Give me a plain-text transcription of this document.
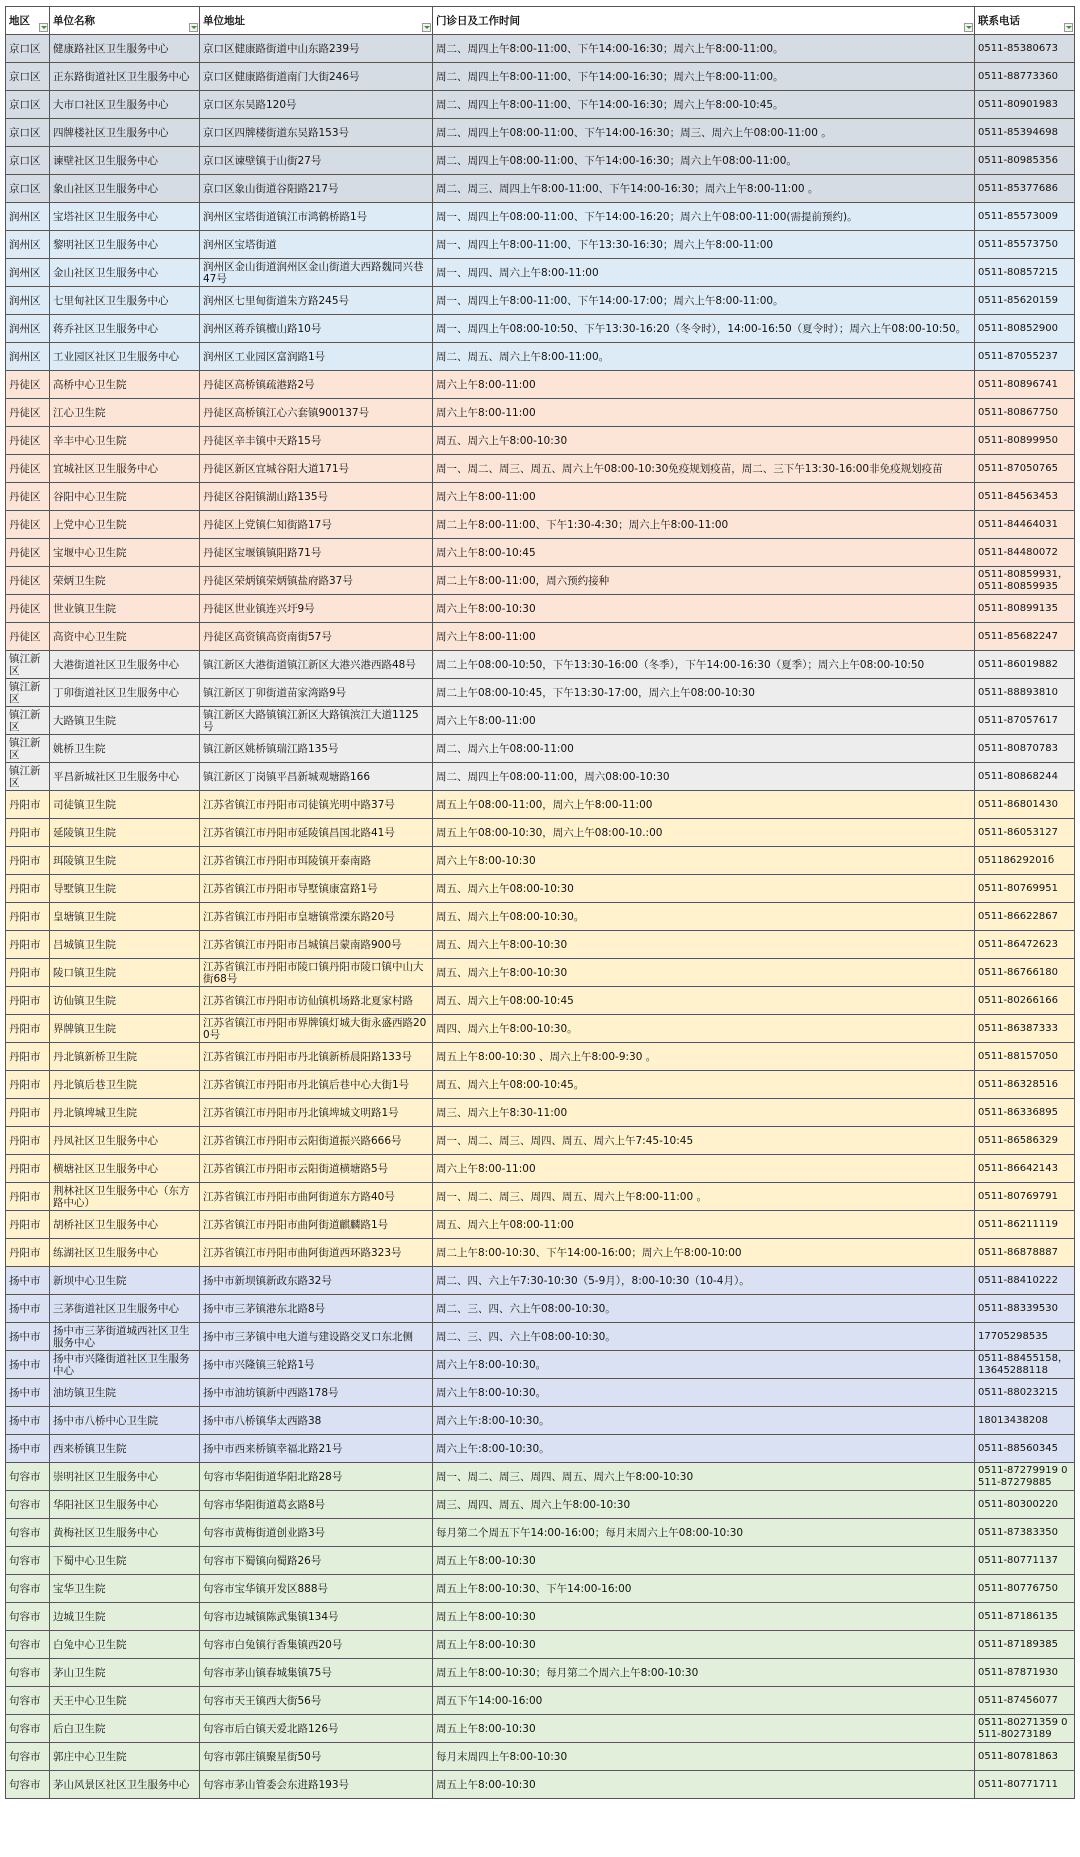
地区	单位名称	单位地址	门诊日及工作时间	联系电话

京口区	健康路社区卫生服务中心	京口区健康路街道中山东路239号	周二、周四上午8:00-11:00、下午14:00-16:30；周六上午8:00-11:00。	0511-85380673
京口区	正东路街道社区卫生服务中心	京口区健康路街道南门大街246号	周二、周四上午8:00-11:00、下午14:00-16:30；周六上午8:00-11:00。	0511-88773360
京口区	大市口社区卫生服务中心	京口区东吴路120号	周二、周四上午8:00-11:00、下午14:00-16:30；周六上午8:00-10:45。	0511-80901983
京口区	四牌楼社区卫生服务中心	京口区四牌楼街道东吴路153号	周二、周四上午08:00-11:00、下午14:00-16:30；周三、周六上午08:00-11:00 。	0511-85394698
京口区	谏壁社区卫生服务中心	京口区谏壁镇于山街27号	周二、周四上午08:00-11:00、下午14:00-16:30；周六上午08:00-11:00。	0511-80985356
京口区	象山社区卫生服务中心	京口区象山街道谷阳路217号	周二、周三、周四上午8:00-11:00、下午14:00-16:30；周六上午8:00-11:00 。	0511-85377686
润州区	宝塔社区卫生服务中心	润州区宝塔街道镇江市鸿鹤桥路1号	周一、周四上午08:00-11:00、下午14:00-16:20；周六上午08:00-11:00(需提前预约)。	0511-85573009
润州区	黎明社区卫生服务中心	润州区宝塔街道	周一、周四上午8:00-11:00、下午13:30-16:30；周六上午8:00-11:00	0511-85573750
润州区	金山社区卫生服务中心	润州区金山街道润州区金山街道大西路魏同兴巷47号	周一、周四、周六上午8:00-11:00	0511-80857215
润州区	七里甸社区卫生服务中心	润州区七里甸街道朱方路245号	周一、周四上午8:00-11:00、下午14:00-17:00；周六上午8:00-11:00。	0511-85620159
润州区	蒋乔社区卫生服务中心	润州区蒋乔镇檀山路10号	周一、周四上午08:00-10:50、下午13:30-16:20（冬令时），14:00-16:50（夏令时）；周六上午08:00-10:50。	0511-80852900
润州区	工业园区社区卫生服务中心	润州区工业园区富润路1号	周二、周五、周六上午8:00-11:00。	0511-87055237
丹徒区	高桥中心卫生院	丹徒区高桥镇疏港路2号	周六上午8:00-11:00	0511-80896741
丹徒区	江心卫生院	丹徒区高桥镇江心六套镇900137号	周六上午8:00-11:00	0511-80867750
丹徒区	辛丰中心卫生院	丹徒区辛丰镇中天路15号	周五、周六上午8:00-10:30	0511-80899950
丹徒区	宜城社区卫生服务中心	丹徒区新区宜城谷阳大道171号	周一、周二、周三、周五、周六上午08:00-10:30免疫规划疫苗，周二、三下午13:30-16:00非免疫规划疫苗	0511-87050765
丹徒区	谷阳中心卫生院	丹徒区谷阳镇湖山路135号	周六上午8:00-11:00	0511-84563453
丹徒区	上党中心卫生院	丹徒区上党镇仁知街路17号	周二上午8:00-11:00、下午1:30-4:30；周六上午8:00-11:00	0511-84464031
丹徒区	宝堰中心卫生院	丹徒区宝堰镇镇阳路71号	周六上午8:00-10:45	0511-84480072
丹徒区	荣炳卫生院	丹徒区荣炳镇荣炳镇盐府路37号	周二上午8:00-11:00，周六预约接种	0511-80859931，0511-80859935
丹徒区	世业镇卫生院	丹徒区世业镇连兴圩9号	周六上午8:00-10:30	0511-80899135
丹徒区	高资中心卫生院	丹徒区高资镇高资南街57号	周六上午8:00-11:00	0511-85682247
镇江新区	大港街道社区卫生服务中心	镇江新区大港街道镇江新区大港兴港西路48号	周二上午08:00-10:50，下午13:30-16:00（冬季），下午14:00-16:30（夏季）；周六上午08:00-10:50	0511-86019882
镇江新区	丁卯街道社区卫生服务中心	镇江新区丁卯街道苗家湾路9号	周二上午08:00-10:45，下午13:30-17:00，周六上午08:00-10:30	0511-88893810
镇江新区	大路镇卫生院	镇江新区大路镇镇江新区大路镇滨江大道1125号	周六上午8:00-11:00	0511-87057617
镇江新区	姚桥卫生院	镇江新区姚桥镇瑞江路135号	周二、周六上午08:00-11:00	0511-80870783
镇江新区	平昌新城社区卫生服务中心	镇江新区丁岗镇平昌新城观塘路166	周二、周四上午08:00-11:00，周六08:00-10:30	0511-80868244
丹阳市	司徒镇卫生院	江苏省镇江市丹阳市司徒镇光明中路37号	周五上午08:00-11:00，周六上午8:00-11:00	0511-86801430
丹阳市	延陵镇卫生院	江苏省镇江市丹阳市延陵镇昌国北路41号	周五上午08:00-10:30，周六上午08:00-10.:00	0511-86053127
丹阳市	珥陵镇卫生院	江苏省镇江市丹阳市珥陵镇开泰南路	周六上午8:00-10:30	05118629201б
丹阳市	导墅镇卫生院	江苏省镇江市丹阳市导墅镇康富路1号	周五、周六上午08:00-10:30	0511-80769951
丹阳市	皇塘镇卫生院	江苏省镇江市丹阳市皇塘镇常溧东路20号	周五、周六上午08:00-10:30。	0511-86622867
丹阳市	吕城镇卫生院	江苏省镇江市丹阳市吕城镇吕蒙南路900号	周五、周六上午8:00-10:30	0511-86472623
丹阳市	陵口镇卫生院	江苏省镇江市丹阳市陵口镇丹阳市陵口镇中山大街68号	周五、周六上午8:00-10:30	0511-86766180
丹阳市	访仙镇卫生院	江苏省镇江市丹阳市访仙镇机场路北夏家村路	周五、周六上午08:00-10:45	0511-80266166
丹阳市	界牌镇卫生院	江苏省镇江市丹阳市界牌镇灯城大街永盛西路200号	周四、周六上午8:00-10:30。	0511-86387333
丹阳市	丹北镇新桥卫生院	江苏省镇江市丹阳市丹北镇新桥晨阳路133号	周五上午8:00-10:30 、周六上午8:00-9:30 。	0511-88157050
丹阳市	丹北镇后巷卫生院	江苏省镇江市丹阳市丹北镇后巷中心大街1号	周五、周六上午08:00-10:45。	0511-86328516
丹阳市	丹北镇埤城卫生院	江苏省镇江市丹阳市丹北镇埤城文明路1号	周三、周六上午8:30-11:00	0511-86336895
丹阳市	丹凤社区卫生服务中心	江苏省镇江市丹阳市云阳街道振兴路666号	周一、周二、周三、周四、周五、周六上午7:45-10:45	0511-86586329
丹阳市	横塘社区卫生服务中心	江苏省镇江市丹阳市云阳街道横塘路5号	周六上午8:00-11:00	0511-86642143
丹阳市	荆林社区卫生服务中心（东方路中心）	江苏省镇江市丹阳市曲阿街道东方路40号	周一、周二、周三、周四、周五、周六上午8:00-11:00 。	0511-80769791
丹阳市	胡桥社区卫生服务中心	江苏省镇江市丹阳市曲阿街道麒麟路1号	周五、周六上午08:00-11:00	0511-86211119
丹阳市	练湖社区卫生服务中心	江苏省镇江市丹阳市曲阿街道西环路323号	周二上午8:00-10:30、下午14:00-16:00；周六上午8:00-10:00	0511-86878887
扬中市	新坝中心卫生院	扬中市新坝镇新政东路32号	周二、四、六上午7:30-10:30（5-9月），8:00-10:30（10-4月）。	0511-88410222
扬中市	三茅街道社区卫生服务中心	扬中市三茅镇港东北路8号	周二、三、四、六上午08:00-10:30。	0511-88339530
扬中市	扬中市三茅街道城西社区卫生服务中心	扬中市三茅镇中电大道与建设路交叉口东北侧	周二、三、四、六上午08:00-10:30。	17705298535
扬中市	扬中市兴隆街道社区卫生服务中心	扬中市兴隆镇三轮路1号	周六上午8:00-10:30。	0511-88455158，13645288118
扬中市	油坊镇卫生院	扬中市油坊镇新中西路178号	周六上午8:00-10:30。	0511-88023215
扬中市	扬中市八桥中心卫生院	扬中市八桥镇华太西路38	周六上午:8:00-10:30。	18013438208
扬中市	西来桥镇卫生院	扬中市西来桥镇幸福北路21号	周六上午:8:00-10:30。	0511-88560345
句容市	崇明社区卫生服务中心	句容市华阳街道华阳北路28号	周一、周二、周三、周四、周五、周六上午8:00-10:30	0511-87279919 0511-87279885
句容市	华阳社区卫生服务中心	句容市华阳街道葛玄路8号	周三、周四、周五、周六上午8:00-10:30	0511-80300220
句容市	黄梅社区卫生服务中心	句容市黄梅街道创业路3号	每月第二个周五下午14:00-16:00；每月末周六上午08:00-10:30	0511-87383350
句容市	下蜀中心卫生院	句容市下蜀镇向蜀路26号	周五上午8:00-10:30	0511-80771137
句容市	宝华卫生院	句容市宝华镇开发区888号	周五上午8:00-10:30、下午14:00-16:00	0511-80776750
句容市	边城卫生院	句容市边城镇陈武集镇134号	周五上午8:00-10:30	0511-87186135
句容市	白兔中心卫生院	句容市白兔镇行香集镇西20号	周五上午8:00-10:30	0511-87189385
句容市	茅山卫生院	句容市茅山镇春城集镇75号	周五上午8:00-10:30；每月第二个周六上午8:00-10:30	0511-87871930
句容市	天王中心卫生院	句容市天王镇西大街56号	周五下午14:00-16:00	0511-87456077
句容市	后白卫生院	句容市后白镇天爱北路126号	周五上午8:00-10:30	0511-80271359 0511-80273189
句容市	郭庄中心卫生院	句容市郭庄镇聚星街50号	每月末周四上午8:00-10:30	0511-80781863
句容市	茅山风景区社区卫生服务中心	句容市茅山管委会东进路193号	周五上午8:00-10:30	0511-80771711
